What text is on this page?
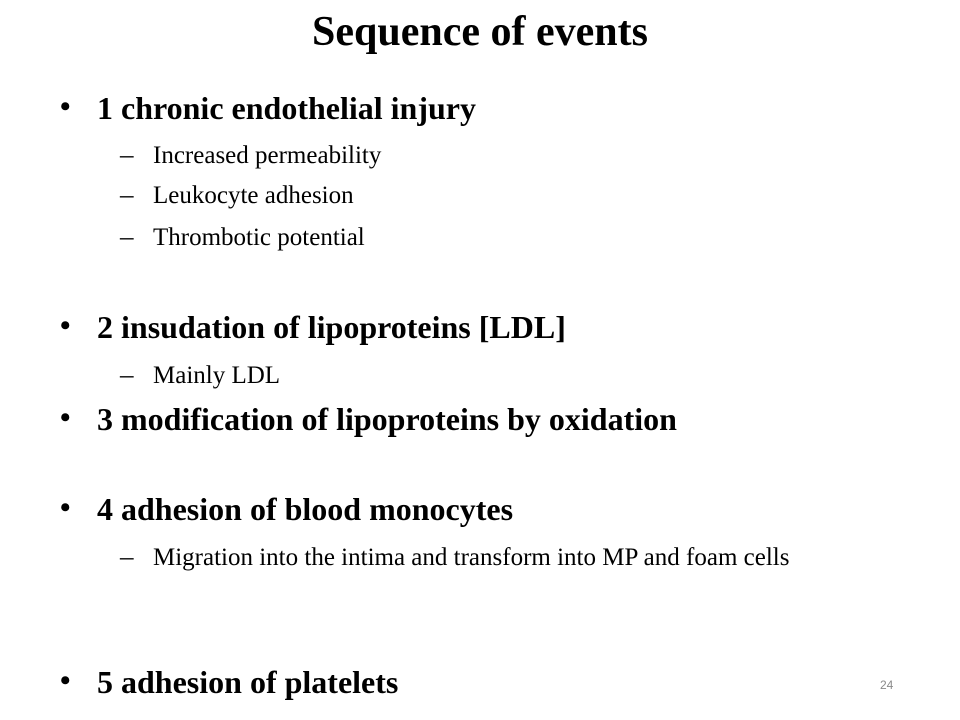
Sequence of events
• 1 chronic endothelial injury
– Increased permeability
– Leukocyte adhesion
– Thrombotic potential
• 2 insudation of lipoproteins [LDL]
– Mainly LDL
• 3 modification of lipoproteins by oxidation
• 4 adhesion of blood monocytes
– Migration into the intima and transform into MP and foam cells
• 5 adhesion of platelets	24
